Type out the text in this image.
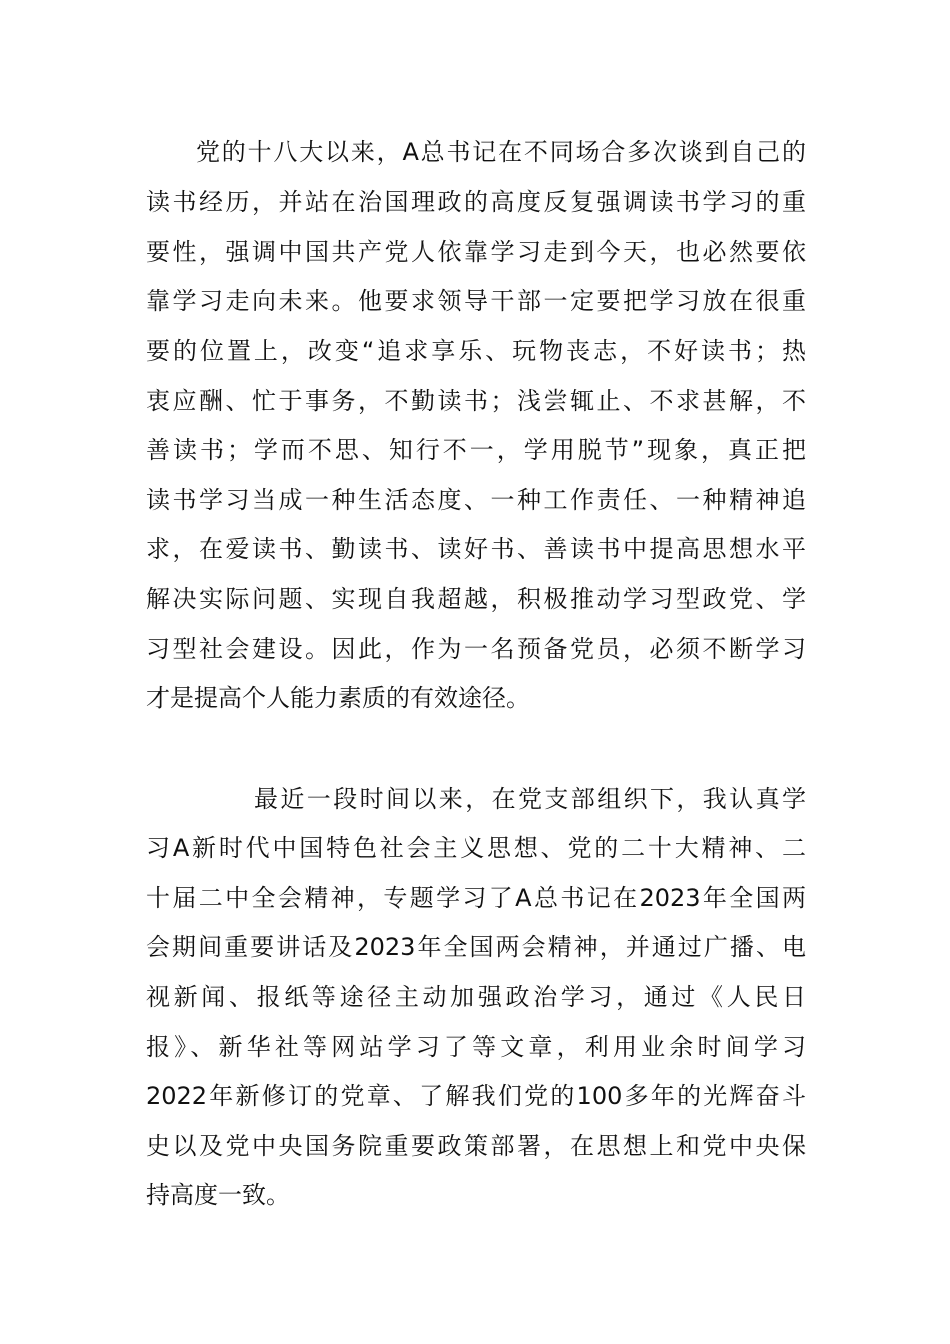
党的十八大以来，A总书记在不同场合多次谈到自己的
读书经历，并站在治国理政的高度反复强调读书学习的重
要性，强调中国共产党人依靠学习走到今天，也必然要依
靠学习走向未来。他要求领导干部一定要把学习放在很重
要的位置上，改变“追求享乐、玩物丧志，不好读书；热
衷应酬、忙于事务，不勤读书；浅尝辄止、不求甚解，不
善读书；学而不思、知行不一，学用脱节”现象，真正把
读书学习当成一种生活态度、一种工作责任、一种精神追
求，在爱读书、勤读书、读好书、善读书中提高思想水平
解决实际问题、实现自我超越，积极推动学习型政党、学
习型社会建设。因此，作为一名预备党员，必须不断学习
才是提高个人能力素质的有效途径。
最近一段时间以来，在党支部组织下，我认真学
习A新时代中国特色社会主义思想、党的二十大精神、二
十届二中全会精神，专题学习了A总书记在2023年全国两
会期间重要讲话及2023年全国两会精神，并通过广播、电
视新闻、报纸等途径主动加强政治学习，通过《人民日
报》、新华社等网站学习了等文章，利用业余时间学习
2022年新修订的党章、了解我们党的100多年的光辉奋斗
史以及党中央国务院重要政策部署，在思想上和党中央保
持高度一致。
